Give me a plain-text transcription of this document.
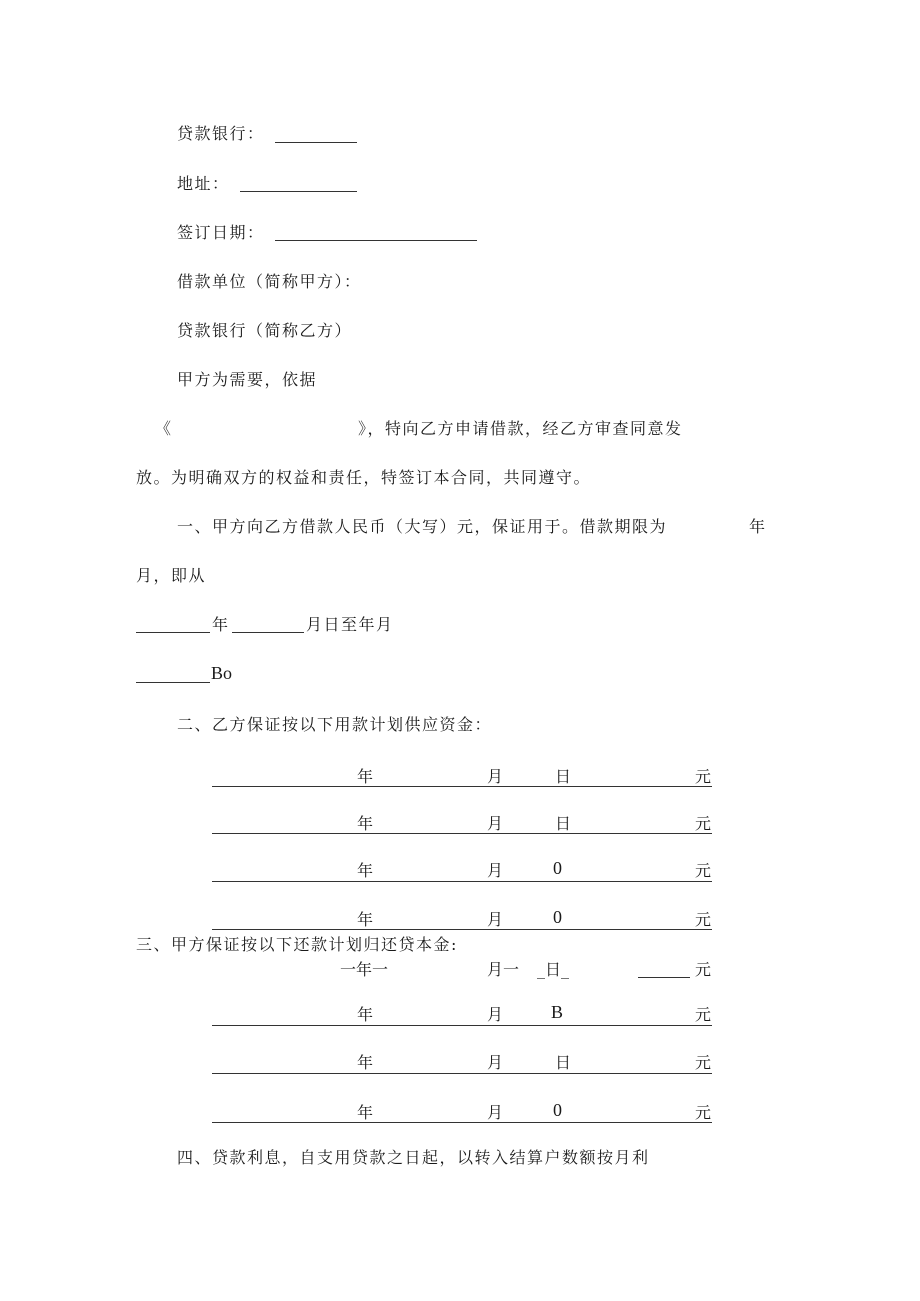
贷款银行：
地址：
签订日期：
借款单位（简称甲方）：
贷款银行（简称乙方）
甲方为需要，依据
《	》，特向乙方申请借款，经乙方审查同意发
放。为明确双方的权益和责任，特签订本合同，共同遵守。
一、甲方向乙方借款人民币（大写）元，保证用于。借款期限为	年
月，即从
年	月日至年月
Bo
二、乙方保证按以下用款计划供应资金：
年	月	日	元
年	月	日	元
年	月	0	元
年	月	0	元
三、甲方保证按以下还款计划归还贷本金:
一年一	月一 _日_	元
年	月	B	元
年	月	日	元
年	月	0	元
四、贷款利息，自支用贷款之日起，以转入结算户数额按月利
